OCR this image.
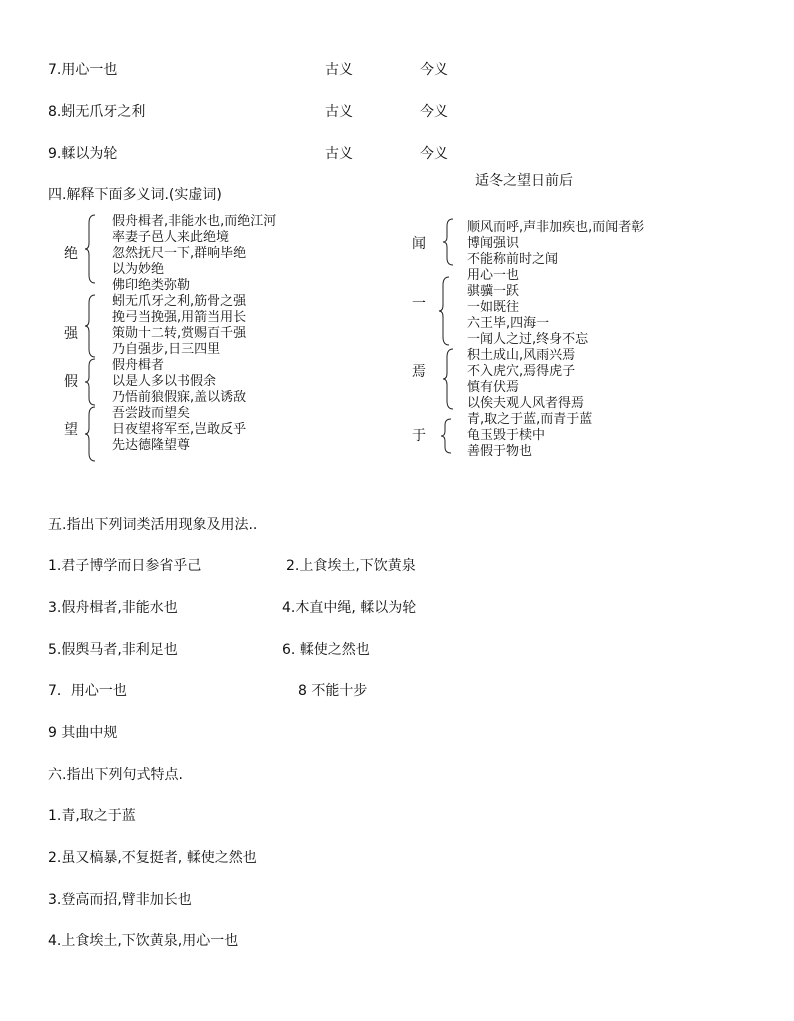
7.用心一也	古义	今义
8.蚓无爪牙之利	古义	今义
9.輮以为轮	古义	今义
适冬之望日前后
四.解释下面多义词.(实虚词)
绝
假舟楫者,非能水也,而绝江河
率妻子邑人来此绝境
忽然抚尺一下,群响毕绝
以为妙绝
佛印绝类弥勒
强
蚓无爪牙之利,筋骨之强
挽弓当挽强,用箭当用长
策勋十二转,赏赐百千强
乃自强步,日三四里
假
假舟楫者
以是人多以书假余
乃悟前狼假寐,盖以诱敌
望
吾尝跂而望矣
日夜望将军至,岂敢反乎
先达德隆望尊
闻
顺风而呼,声非加疾也,而闻者彰
博闻强识
不能称前时之闻
一
用心一也
骐骥一跃
一如既往
六王毕,四海一
一闻人之过,终身不忘
焉
积土成山,风雨兴焉
不入虎穴,焉得虎子
慎有伏焉
以俟夫观人风者得焉
于
青,取之于蓝,而青于蓝
龟玉毁于椟中
善假于物也
五.指出下列词类活用现象及用法..
1.君子博学而日参省乎己	2.上食埃土,下饮黄泉
3.假舟楫者,非能水也	4.木直中绳, 輮以为轮
5.假舆马者,非利足也	6. 輮使之然也
7．用心一也	8 不能十步
9 其曲中规
六.指出下列句式特点.
1.青,取之于蓝
2.虽又槁暴,不复挺者, 輮使之然也
3.登高而招,臂非加长也
4.上食埃土,下饮黄泉,用心一也
